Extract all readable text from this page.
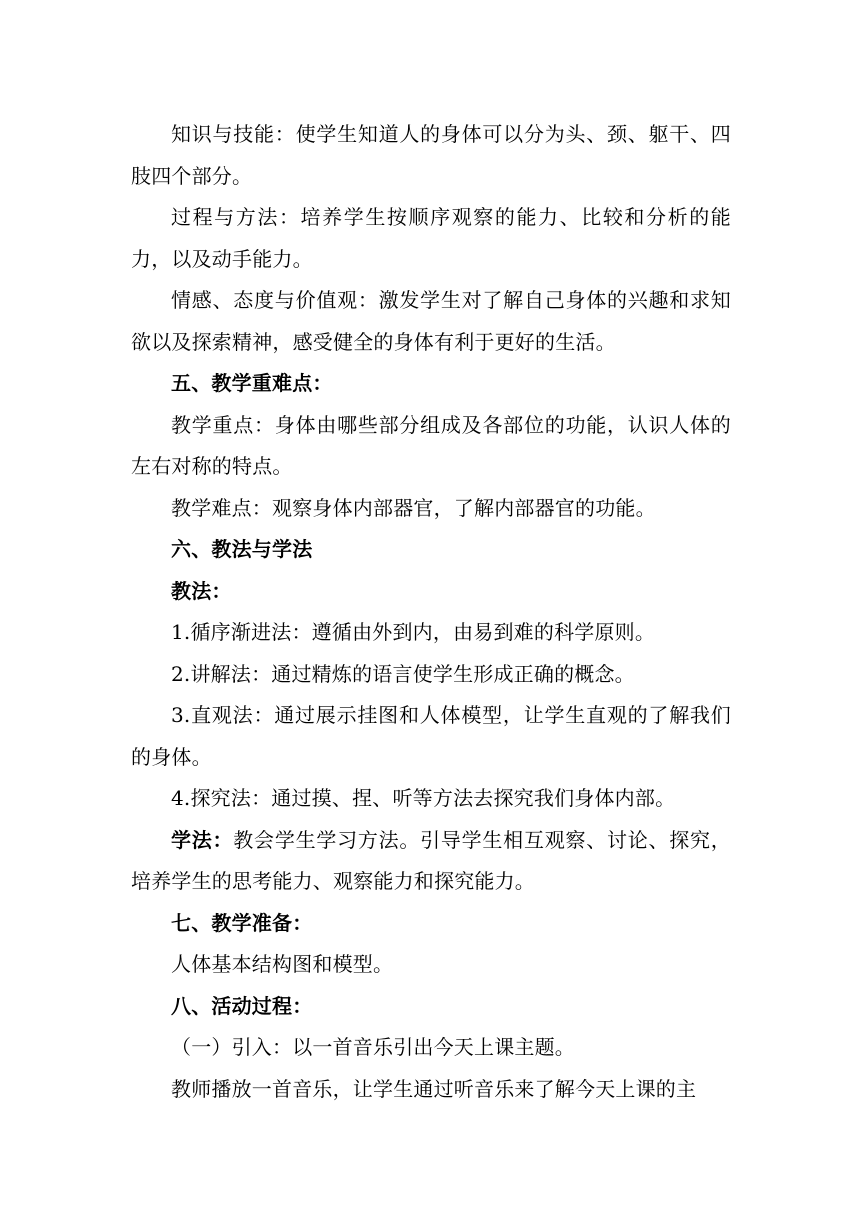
知识与技能：使学生知道人的身体可以分为头、颈、躯干、四肢四个部分。

过程与方法：培养学生按顺序观察的能力、比较和分析的能力，以及动手能力。

情感、态度与价值观：激发学生对了解自己身体的兴趣和求知欲以及探索精神，感受健全的身体有利于更好的生活。

五、教学重难点：

教学重点：身体由哪些部分组成及各部位的功能，认识人体的左右对称的特点。

教学难点：观察身体内部器官，了解内部器官的功能。

六、教法与学法

教法：

1.循序渐进法：遵循由外到内，由易到难的科学原则。

2.讲解法：通过精炼的语言使学生形成正确的概念。

3.直观法：通过展示挂图和人体模型，让学生直观的了解我们的身体。

4.探究法：通过摸、捏、听等方法去探究我们身体内部。

学法：教会学生学习方法。引导学生相互观察、讨论、探究，培养学生的思考能力、观察能力和探究能力。

七、教学准备：

人体基本结构图和模型。

八、活动过程：

（一）引入：以一首音乐引出今天上课主题。

教师播放一首音乐，让学生通过听音乐来了解今天上课的主
